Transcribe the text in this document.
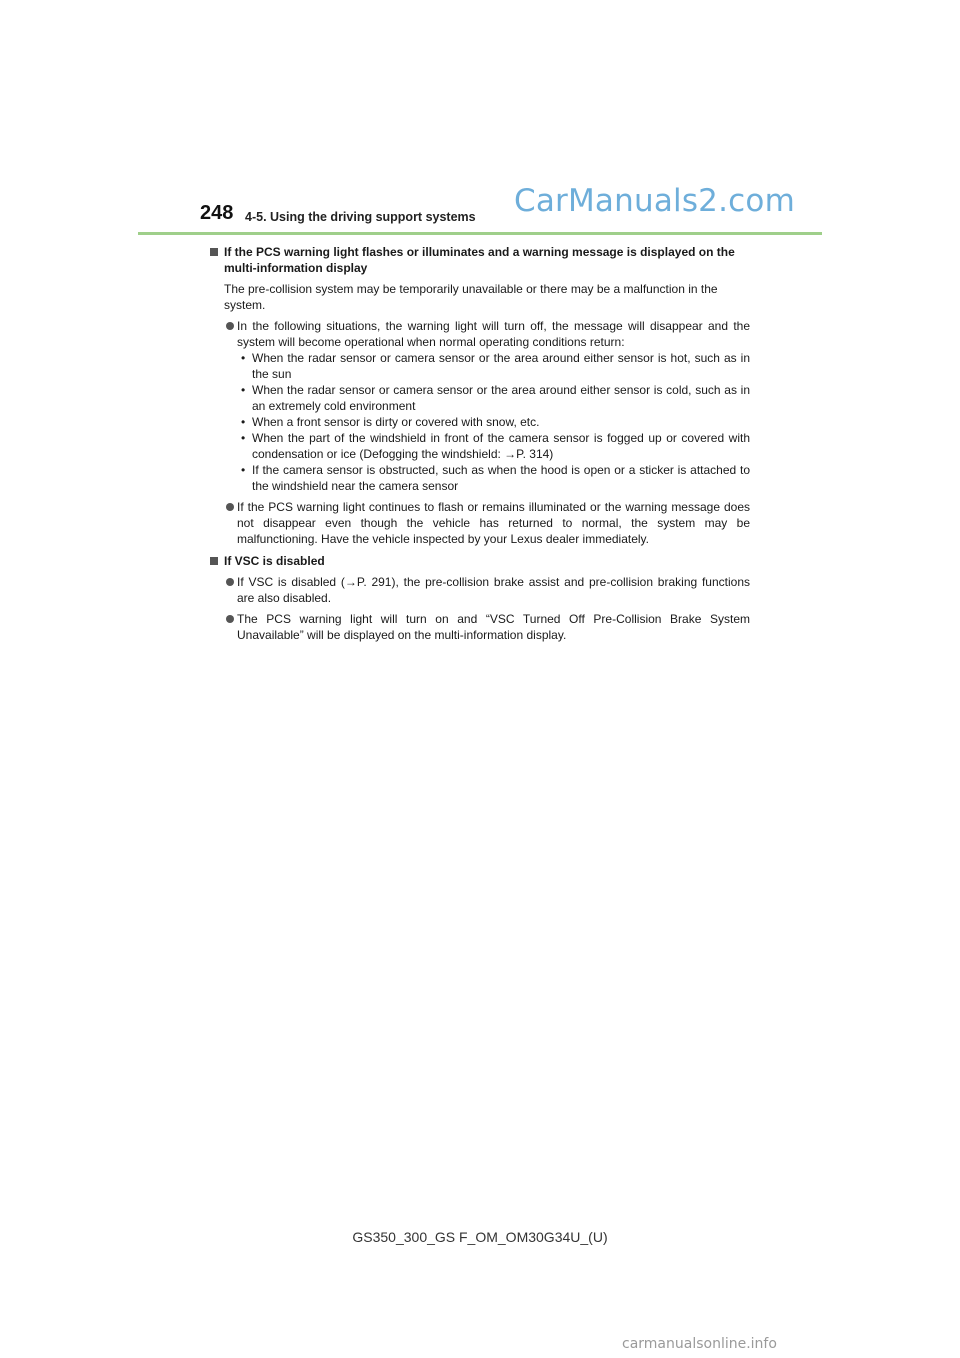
248 4-5. Using the driving support systems CarManuals2.com
If the PCS warning light flashes or illuminates and a warning message is displayed on the multi-information display
The pre-collision system may be temporarily unavailable or there may be a malfunction in the system.
In the following situations, the warning light will turn off, the message will disappear and the system will become operational when normal operating conditions return:
• When the radar sensor or camera sensor or the area around either sensor is hot, such as in the sun
• When the radar sensor or camera sensor or the area around either sensor is cold, such as in an extremely cold environment
• When a front sensor is dirty or covered with snow, etc.
• When the part of the windshield in front of the camera sensor is fogged up or covered with condensation or ice (Defogging the windshield: →P. 314)
• If the camera sensor is obstructed, such as when the hood is open or a sticker is attached to the windshield near the camera sensor
If the PCS warning light continues to flash or remains illuminated or the warning message does not disappear even though the vehicle has returned to normal, the system may be malfunctioning. Have the vehicle inspected by your Lexus dealer immediately.
If VSC is disabled
If VSC is disabled (→P. 291), the pre-collision brake assist and pre-collision braking functions are also disabled.
The PCS warning light will turn on and “VSC Turned Off Pre-Collision Brake System Unavailable” will be displayed on the multi-information display.
GS350_300_GS F_OM_OM30G34U_(U)
carmanualsonline.info
